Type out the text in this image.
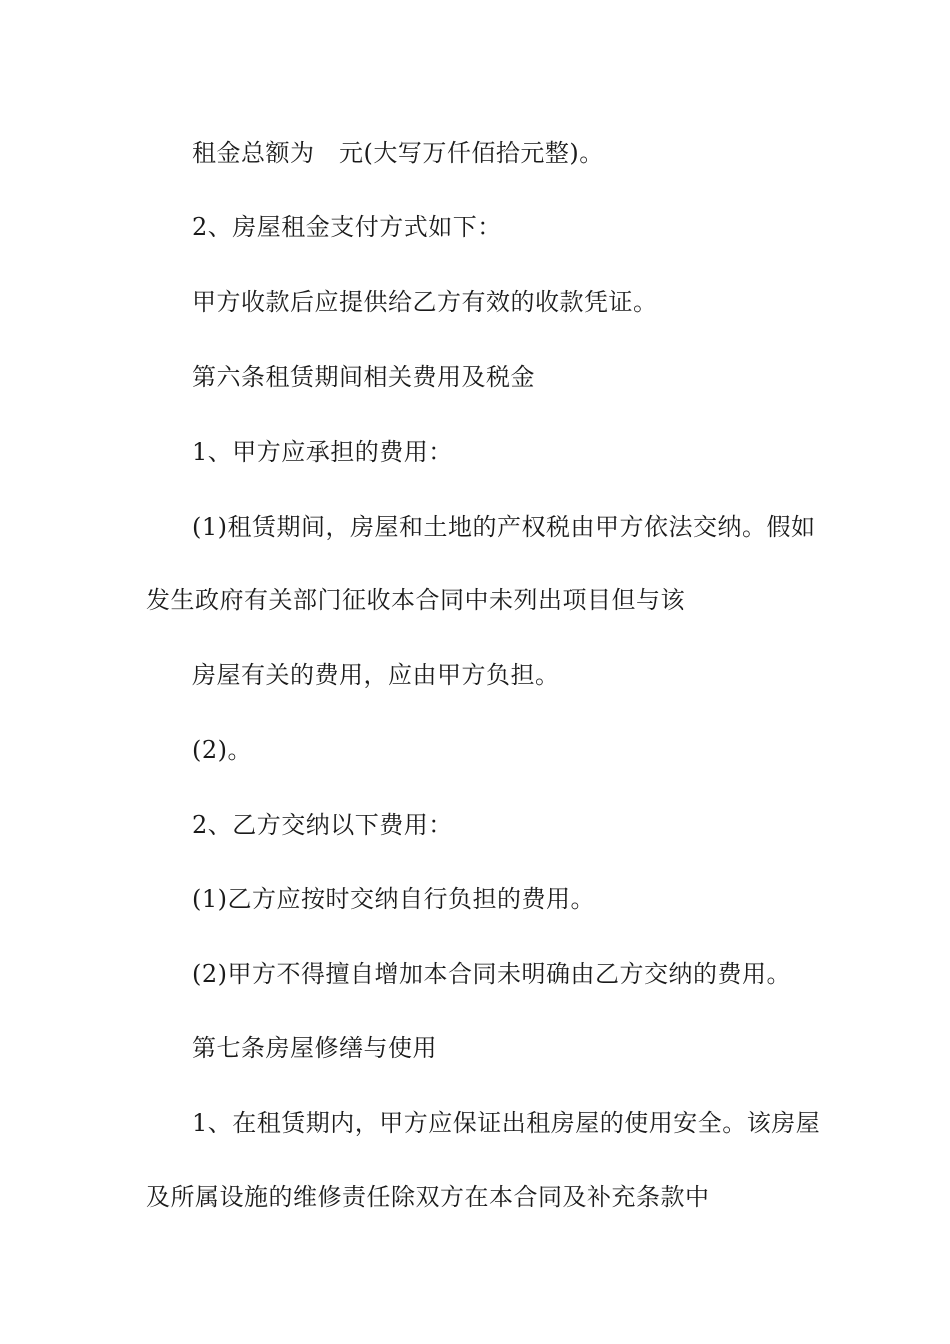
租金总额为　元(大写万仟佰拾元整)。
2、房屋租金支付方式如下：
甲方收款后应提供给乙方有效的收款凭证。
第六条租赁期间相关费用及税金
1、甲方应承担的费用：
(1)租赁期间，房屋和土地的产权税由甲方依法交纳。假如
发生政府有关部门征收本合同中未列出项目但与该
房屋有关的费用，应由甲方负担。
(2)。
2、乙方交纳以下费用：
(1)乙方应按时交纳自行负担的费用。
(2)甲方不得擅自增加本合同未明确由乙方交纳的费用。
第七条房屋修缮与使用
1、在租赁期内，甲方应保证出租房屋的使用安全。该房屋
及所属设施的维修责任除双方在本合同及补充条款中
